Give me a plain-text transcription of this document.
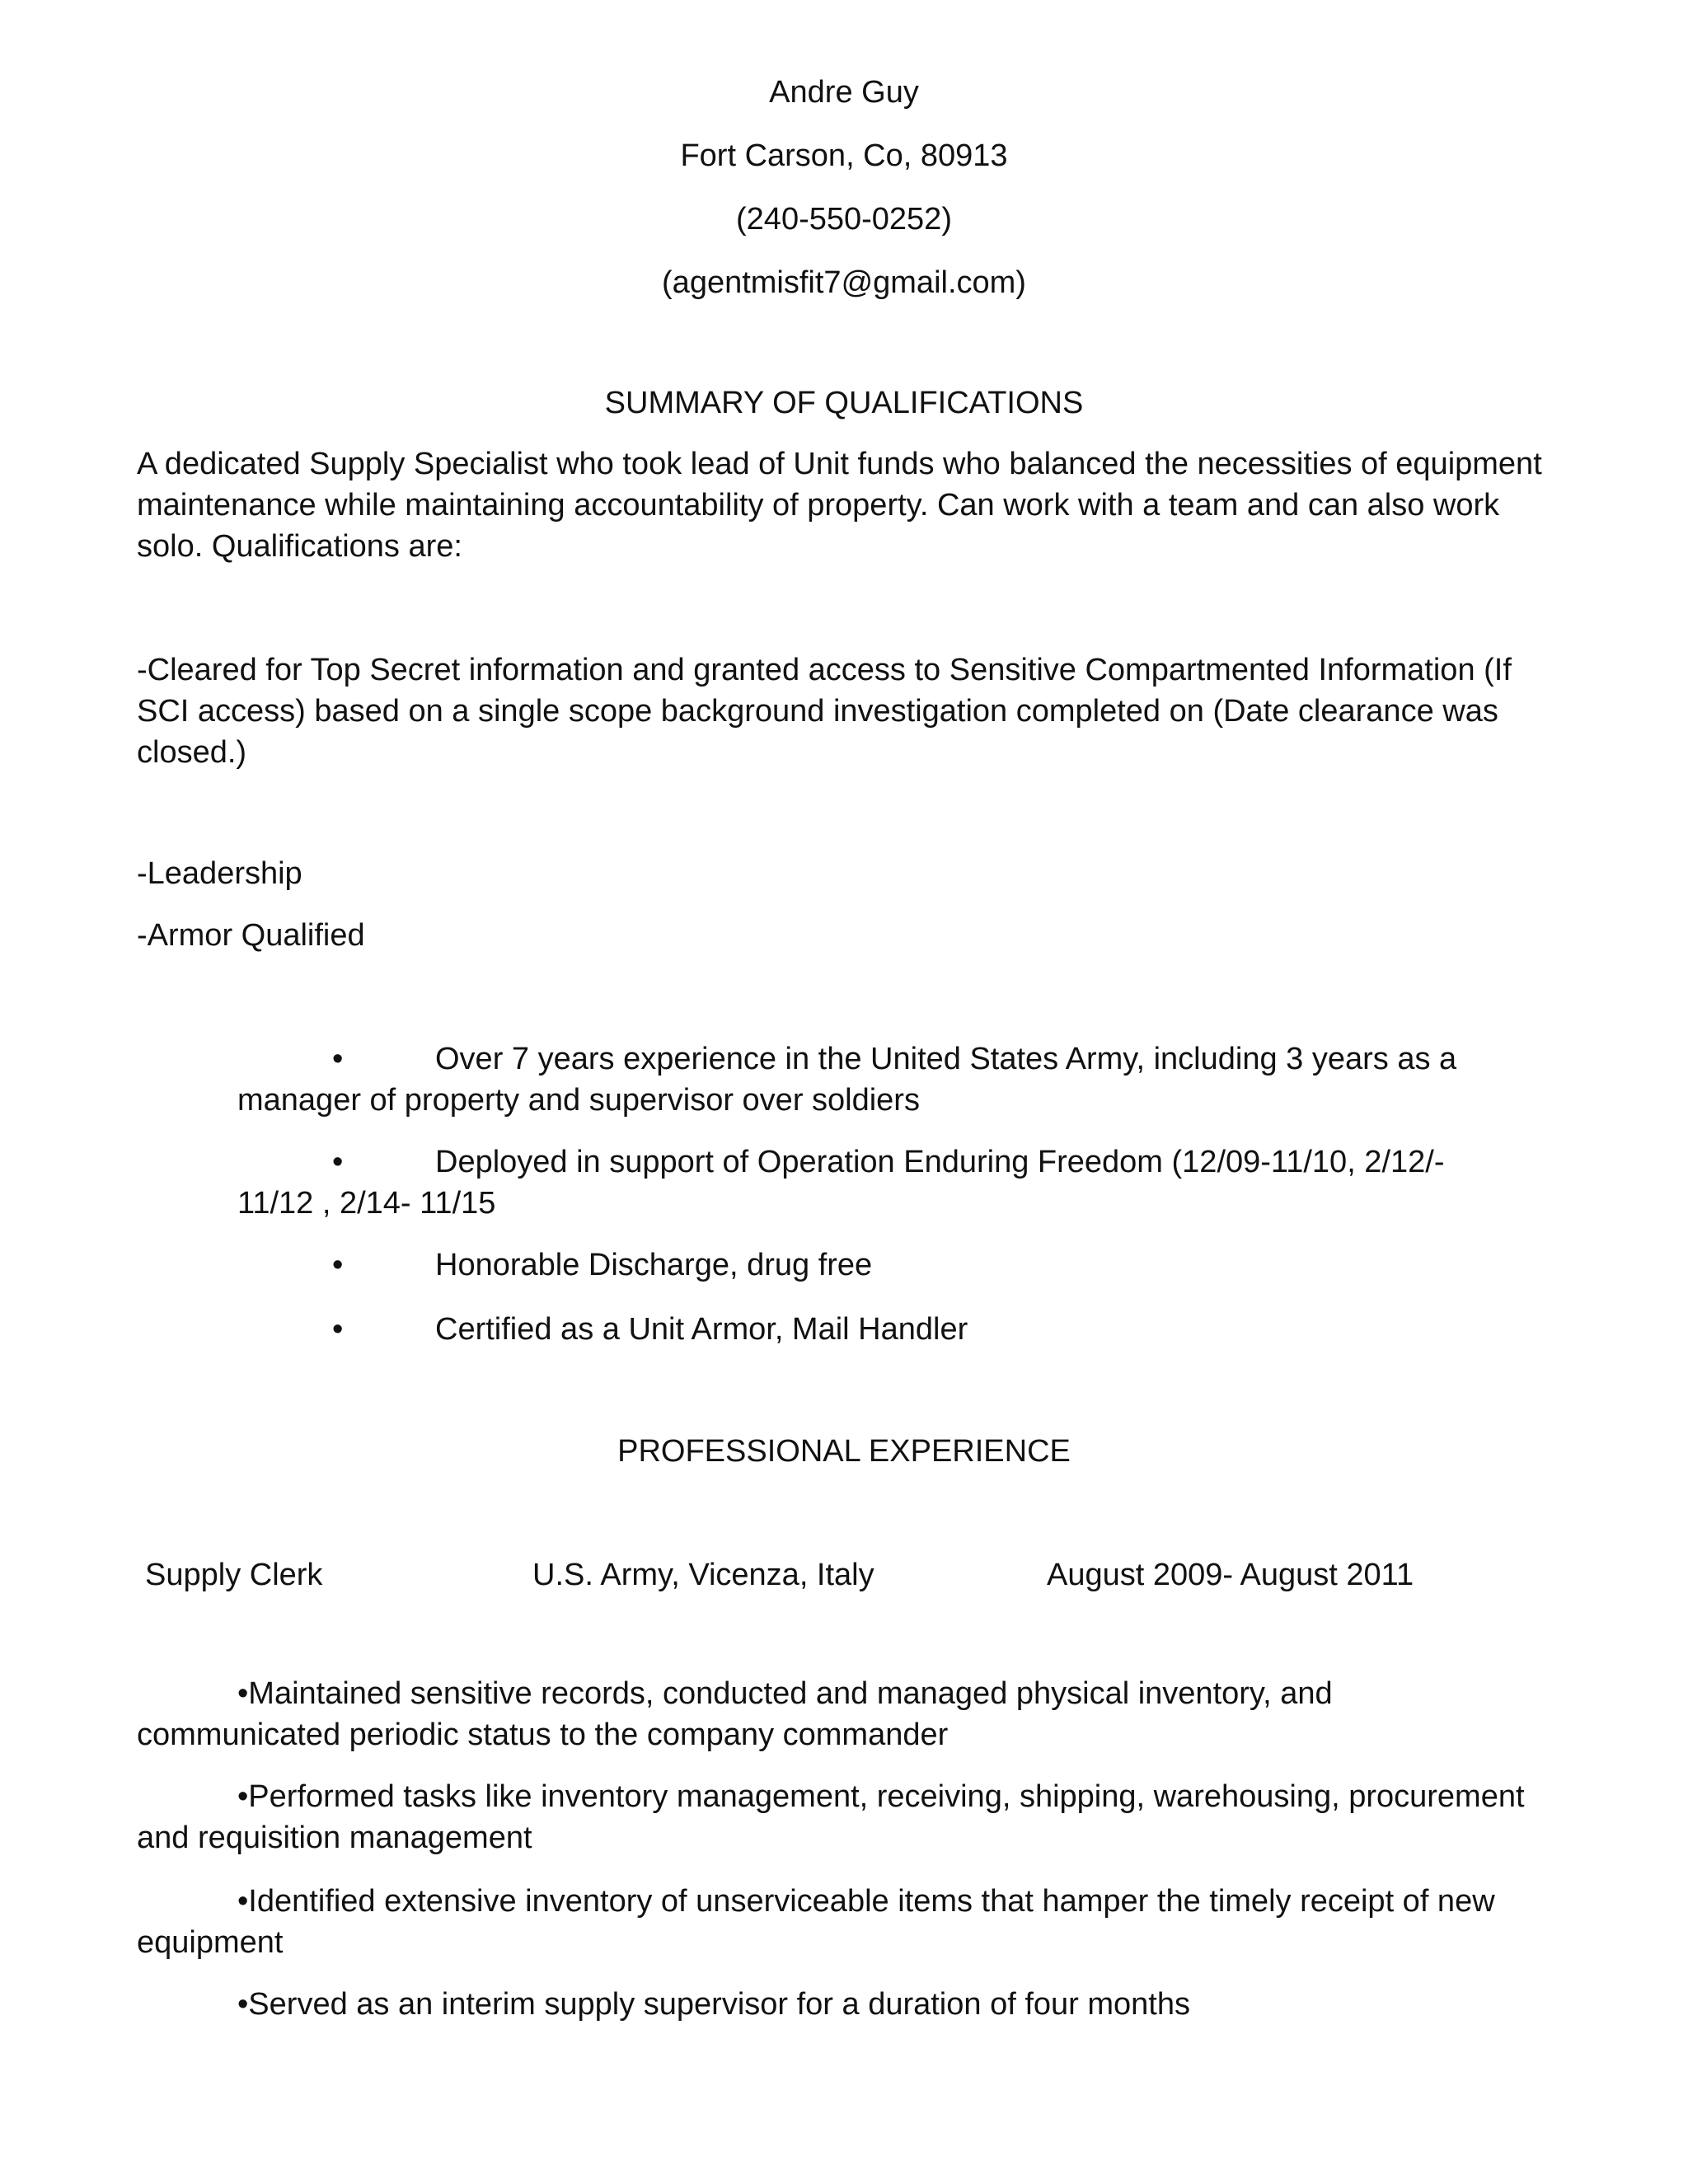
Andre Guy

Fort Carson, Co, 80913

(240-550-0252)

(agentmisfit7@gmail.com)

SUMMARY OF QUALIFICATIONS

A dedicated Supply Specialist who took lead of Unit funds who balanced the necessities of equipment maintenance while maintaining accountability of property. Can work with a team and can also work solo. Qualifications are:

-Cleared for Top Secret information and granted access to Sensitive Compartmented Information (If SCI access) based on a single scope background investigation completed on (Date clearance was closed.)

-Leadership

-Armor Qualified

•	Over 7 years experience in the United States Army, including 3 years as a manager of property and supervisor over soldiers

•	Deployed in support of Operation Enduring Freedom (12/09-11/10, 2/12/- 11/12 , 2/14- 11/15

•	Honorable Discharge, drug free

•	Certified as a Unit Armor, Mail Handler

PROFESSIONAL EXPERIENCE

Supply Clerk	U.S. Army, Vicenza, Italy	August 2009- August 2011

•Maintained sensitive records, conducted and managed physical inventory, and communicated periodic status to the company commander

•Performed tasks like inventory management, receiving, shipping, warehousing, procurement and requisition management

•Identified extensive inventory of unserviceable items that hamper the timely receipt of new equipment

•Served as an interim supply supervisor for a duration of four months
